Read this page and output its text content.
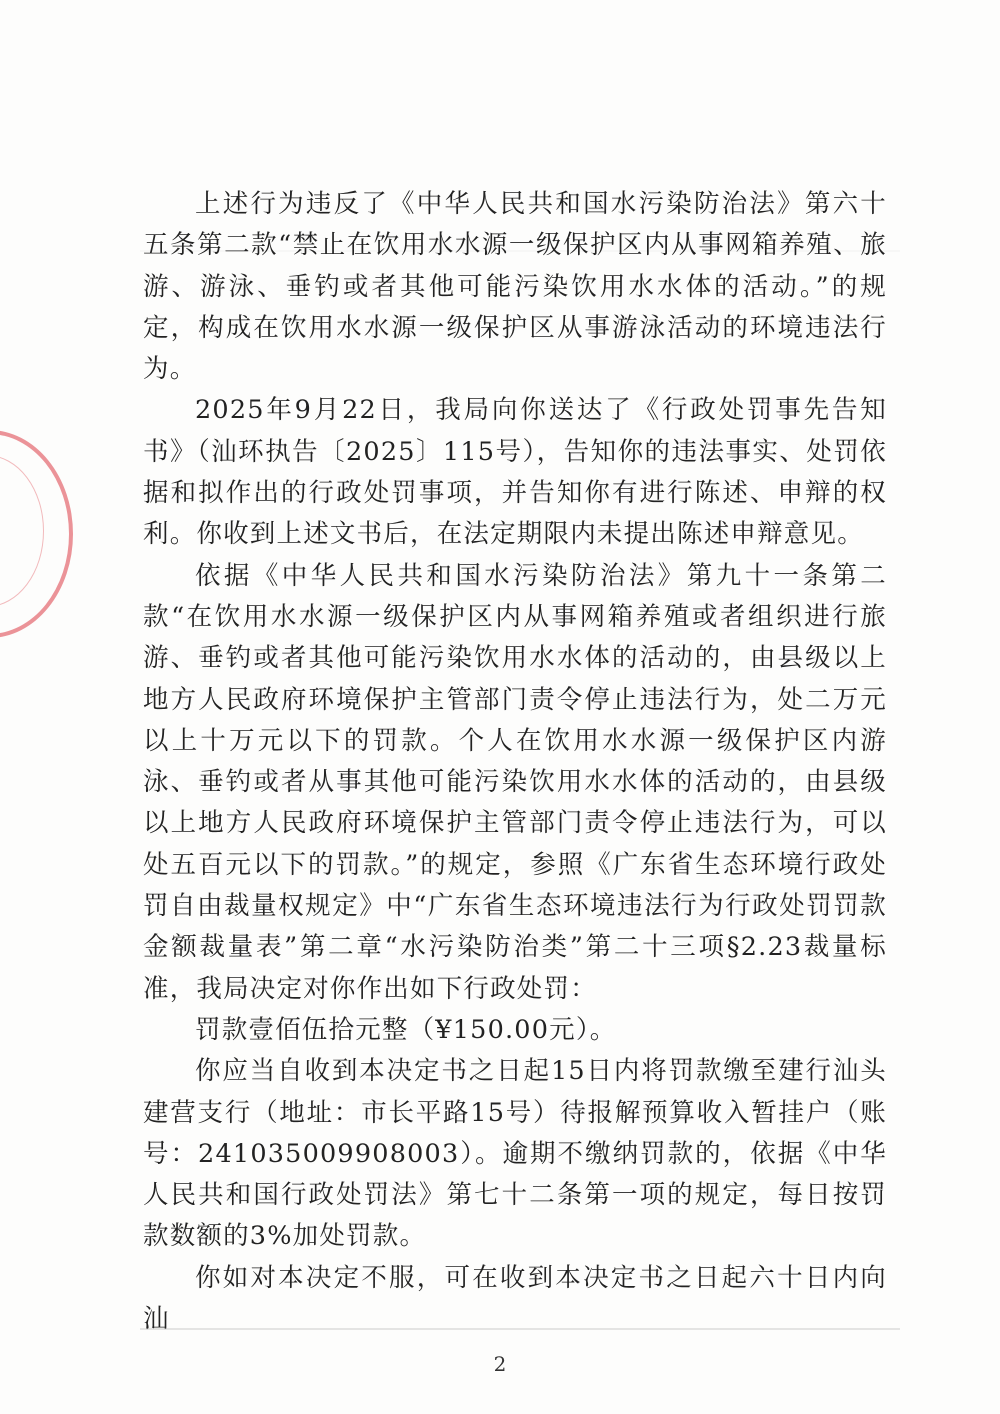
上述行为违反了《中华人民共和国水污染防治法》第六十五条第二款“禁止在饮用水水源一级保护区内从事网箱养殖、旅游、游泳、垂钓或者其他可能污染饮用水水体的活动。”的规定，构成在饮用水水源一级保护区从事游泳活动的环境违法行为。

2025年9月22日，我局向你送达了《行政处罚事先告知书》（汕环执告〔2025〕115号），告知你的违法事实、处罚依据和拟作出的行政处罚事项，并告知你有进行陈述、申辩的权利。你收到上述文书后，在法定期限内未提出陈述申辩意见。

依据《中华人民共和国水污染防治法》第九十一条第二款“在饮用水水源一级保护区内从事网箱养殖或者组织进行旅游、垂钓或者其他可能污染饮用水水体的活动的，由县级以上地方人民政府环境保护主管部门责令停止违法行为，处二万元以上十万元以下的罚款。个人在饮用水水源一级保护区内游泳、垂钓或者从事其他可能污染饮用水水体的活动的，由县级以上地方人民政府环境保护主管部门责令停止违法行为，可以处五百元以下的罚款。”的规定，参照《广东省生态环境行政处罚自由裁量权规定》中“广东省生态环境违法行为行政处罚罚款金额裁量表”第二章“水污染防治类”第二十三项§2.23裁量标准，我局决定对你作出如下行政处罚：

罚款壹佰伍拾元整（¥150.00元）。

你应当自收到本决定书之日起15日内将罚款缴至建行汕头建营支行（地址：市长平路15号）待报解预算收入暂挂户（账号：241035009908003）。逾期不缴纳罚款的，依据《中华人民共和国行政处罚法》第七十二条第一项的规定，每日按罚款数额的3%加处罚款。

你如对本决定不服，可在收到本决定书之日起六十日内向汕

2
